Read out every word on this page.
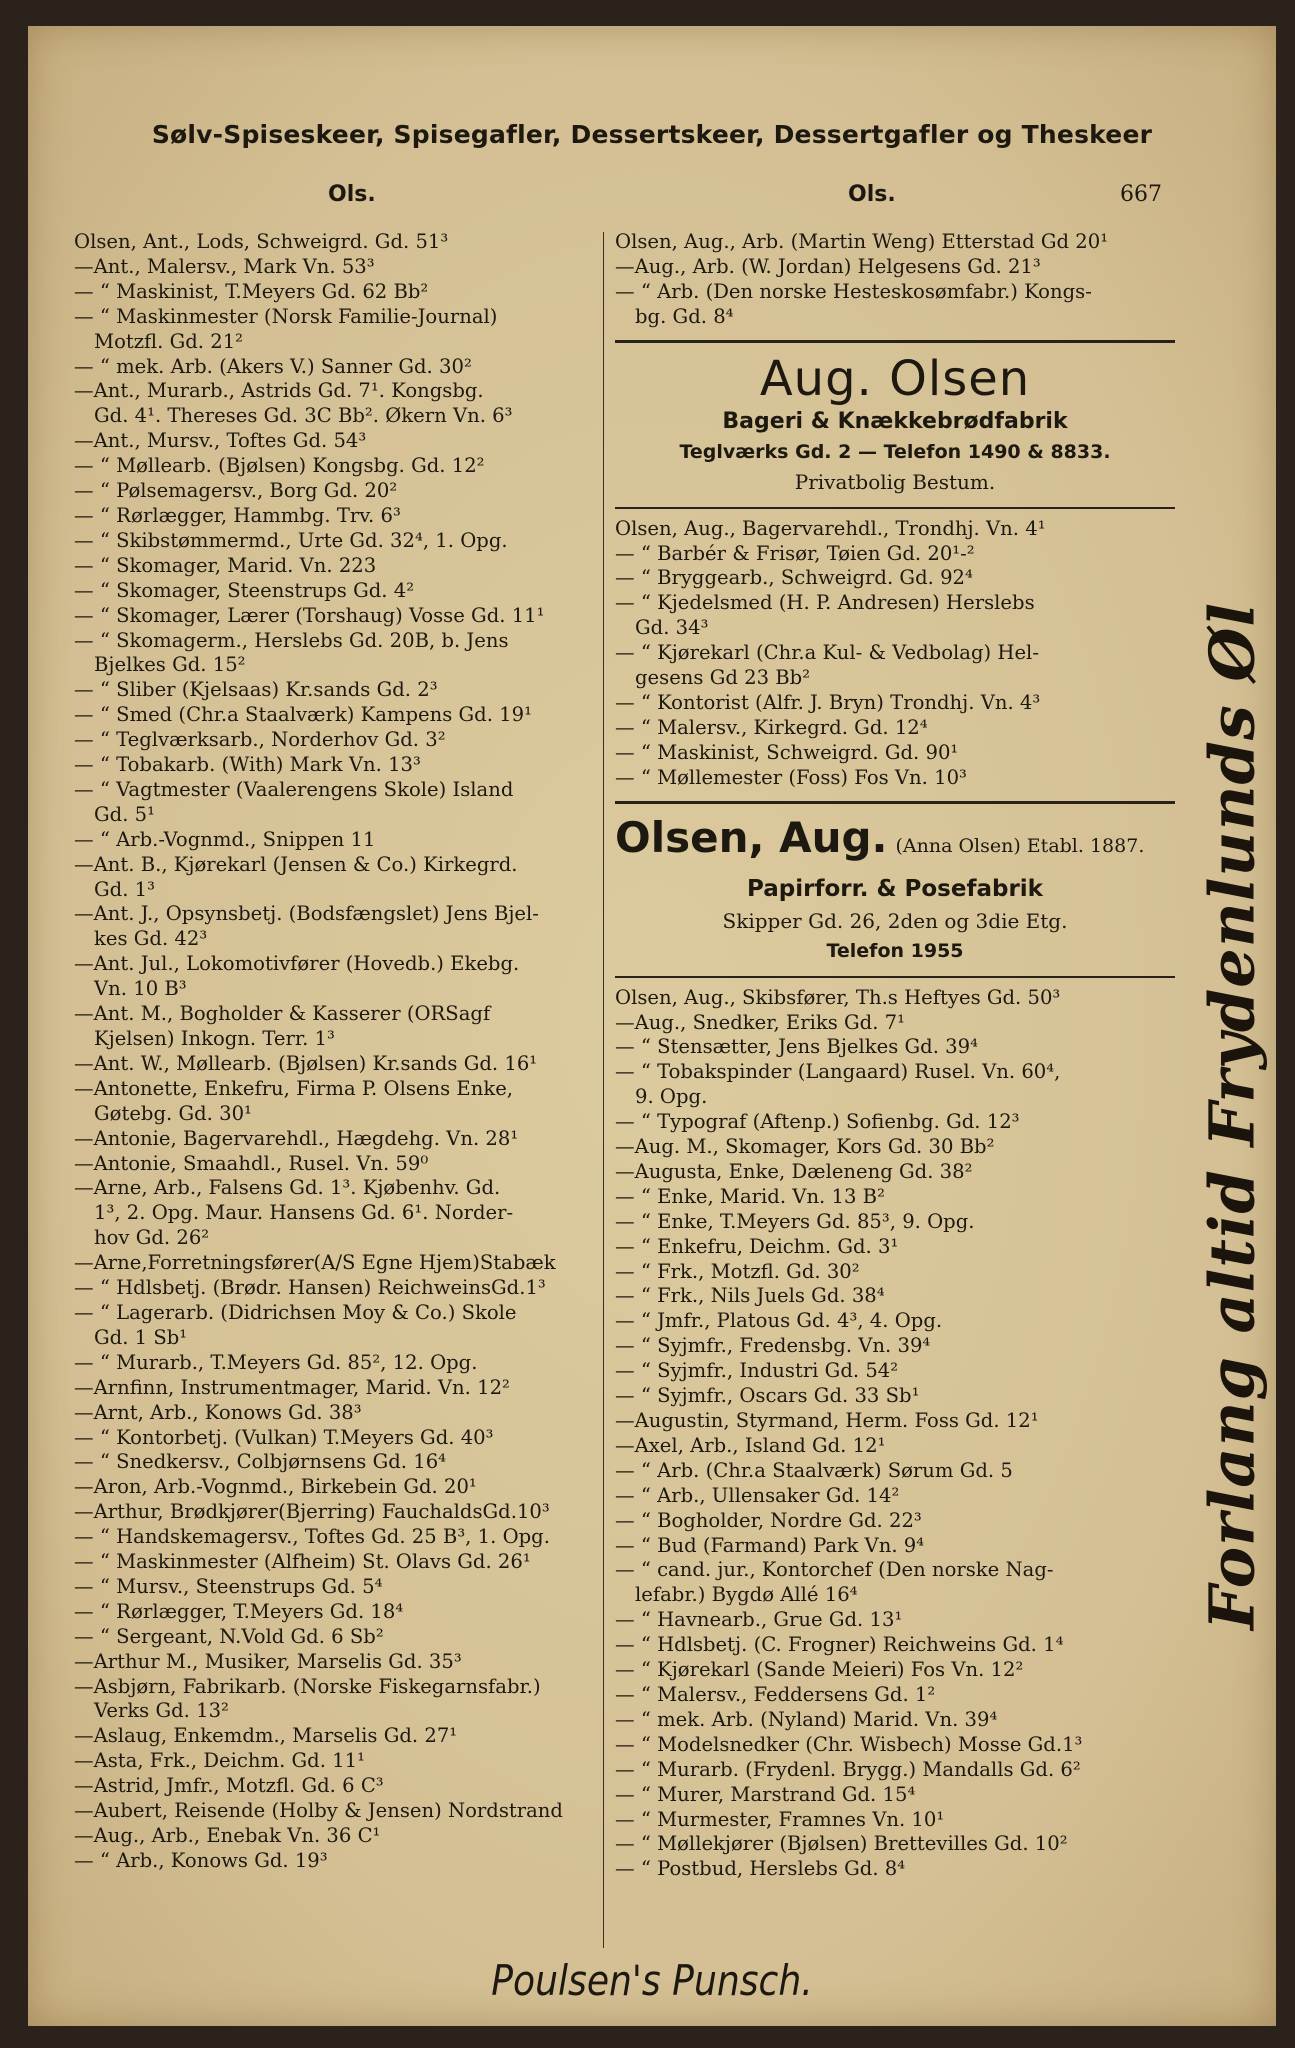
Sølv-Spiseskeer, Spisegafler, Dessertskeer, Dessertgafler og Theskeer
Ols.	Ols.	667
Olsen, Ant., Lods, Schweigrd. Gd. 51³
—Ant., Malersv., Mark Vn. 53³
— “ Maskinist, T.Meyers Gd. 62 Bb²
— “ Maskinmester (Norsk Familie-Journal)
Motzfl. Gd. 21²
— “ mek. Arb. (Akers V.) Sanner Gd. 30²
—Ant., Murarb., Astrids Gd. 7¹. Kongsbg.
Gd. 4¹. Thereses Gd. 3C Bb². Økern Vn. 6³
—Ant., Mursv., Toftes Gd. 54³
— “ Møllearb. (Bjølsen) Kongsbg. Gd. 12²
— “ Pølsemagersv., Borg Gd. 20²
— “ Rørlægger, Hammbg. Trv. 6³
— “ Skibstømmermd., Urte Gd. 32⁴, 1. Opg.
— “ Skomager, Marid. Vn. 223
— “ Skomager, Steenstrups Gd. 4²
— “ Skomager, Lærer (Torshaug) Vosse Gd. 11¹
— “ Skomagerm., Herslebs Gd. 20B, b. Jens
Bjelkes Gd. 15²
— “ Sliber (Kjelsaas) Kr.sands Gd. 2³
— “ Smed (Chr.a Staalværk) Kampens Gd. 19¹
— “ Teglværksarb., Norderhov Gd. 3²
— “ Tobakarb. (With) Mark Vn. 13³
— “ Vagtmester (Vaalerengens Skole) Island
Gd. 5¹
— “ Arb.-Vognmd., Snippen 11
—Ant. B., Kjørekarl (Jensen & Co.) Kirkegrd.
Gd. 1³
—Ant. J., Opsynsbetj. (Bodsfængslet) Jens Bjel-
kes Gd. 42³
—Ant. Jul., Lokomotivfører (Hovedb.) Ekebg.
Vn. 10 B³
—Ant. M., Bogholder & Kasserer (ORSagf
Kjelsen) Inkogn. Terr. 1³
—Ant. W., Møllearb. (Bjølsen) Kr.sands Gd. 16¹
—Antonette, Enkefru, Firma P. Olsens Enke,
Gøtebg. Gd. 30¹
—Antonie, Bagervarehdl., Hægdehg. Vn. 28¹
—Antonie, Smaahdl., Rusel. Vn. 59⁰
—Arne, Arb., Falsens Gd. 1³. Kjøbenhv. Gd.
1³, 2. Opg. Maur. Hansens Gd. 6¹. Norder-
hov Gd. 26²
—Arne,Forretningsfører(A/S Egne Hjem)Stabæk
— “ Hdlsbetj. (Brødr. Hansen) ReichweinsGd.1³
— “ Lagerarb. (Didrichsen Moy & Co.) Skole
Gd. 1 Sb¹
— “ Murarb., T.Meyers Gd. 85², 12. Opg.
—Arnfinn, Instrumentmager, Marid. Vn. 12²
—Arnt, Arb., Konows Gd. 38³
— “ Kontorbetj. (Vulkan) T.Meyers Gd. 40³
— “ Snedkersv., Colbjørnsens Gd. 16⁴
—Aron, Arb.-Vognmd., Birkebein Gd. 20¹
—Arthur, Brødkjører(Bjerring) FauchaldsGd.10³
— “ Handskemagersv., Toftes Gd. 25 B³, 1. Opg.
— “ Maskinmester (Alfheim) St. Olavs Gd. 26¹
— “ Mursv., Steenstrups Gd. 5⁴
— “ Rørlægger, T.Meyers Gd. 18⁴
— “ Sergeant, N.Vold Gd. 6 Sb²
—Arthur M., Musiker, Marselis Gd. 35³
—Asbjørn, Fabrikarb. (Norske Fiskegarnsfabr.)
Verks Gd. 13²
—Aslaug, Enkemdm., Marselis Gd. 27¹
—Asta, Frk., Deichm. Gd. 11¹
—Astrid, Jmfr., Motzfl. Gd. 6 C³
—Aubert, Reisende (Holby & Jensen) Nordstrand
—Aug., Arb., Enebak Vn. 36 C¹
— “ Arb., Konows Gd. 19³
Olsen, Aug., Arb. (Martin Weng) Etterstad Gd 20¹
—Aug., Arb. (W. Jordan) Helgesens Gd. 21³
— “ Arb. (Den norske Hesteskosømfabr.) Kongs-
bg. Gd. 8⁴
Aug. Olsen
Bageri & Knækkebrødfabrik
Teglværks Gd. 2 — Telefon 1490 & 8833.
Privatbolig Bestum.
Olsen, Aug., Bagervarehdl., Trondhj. Vn. 4¹
— “ Barbér & Frisør, Tøien Gd. 20¹-²
— “ Bryggearb., Schweigrd. Gd. 92⁴
— “ Kjedelsmed (H. P. Andresen) Herslebs
Gd. 34³
— “ Kjørekarl (Chr.a Kul- & Vedbolag) Hel-
gesens Gd 23 Bb²
— “ Kontorist (Alfr. J. Bryn) Trondhj. Vn. 4³
— “ Malersv., Kirkegrd. Gd. 12⁴
— “ Maskinist, Schweigrd. Gd. 90¹
— “ Møllemester (Foss) Fos Vn. 10³
Olsen, Aug. (Anna Olsen) Etabl. 1887.
Papirforr. & Posefabrik
Skipper Gd. 26, 2den og 3die Etg.
Telefon 1955
Olsen, Aug., Skibsfører, Th.s Heftyes Gd. 50³
—Aug., Snedker, Eriks Gd. 7¹
— “ Stensætter, Jens Bjelkes Gd. 39⁴
— “ Tobakspinder (Langaard) Rusel. Vn. 60⁴,
9. Opg.
— “ Typograf (Aftenp.) Sofienbg. Gd. 12³
—Aug. M., Skomager, Kors Gd. 30 Bb²
—Augusta, Enke, Dæleneng Gd. 38²
— “ Enke, Marid. Vn. 13 B²
— “ Enke, T.Meyers Gd. 85³, 9. Opg.
— “ Enkefru, Deichm. Gd. 3¹
— “ Frk., Motzfl. Gd. 30²
— “ Frk., Nils Juels Gd. 38⁴
— “ Jmfr., Platous Gd. 4³, 4. Opg.
— “ Syjmfr., Fredensbg. Vn. 39⁴
— “ Syjmfr., Industri Gd. 54²
— “ Syjmfr., Oscars Gd. 33 Sb¹
—Augustin, Styrmand, Herm. Foss Gd. 12¹
—Axel, Arb., Island Gd. 12¹
— “ Arb. (Chr.a Staalværk) Sørum Gd. 5
— “ Arb., Ullensaker Gd. 14²
— “ Bogholder, Nordre Gd. 22³
— “ Bud (Farmand) Park Vn. 9⁴
— “ cand. jur., Kontorchef (Den norske Nag-
lefabr.) Bygdø Allé 16⁴
— “ Havnearb., Grue Gd. 13¹
— “ Hdlsbetj. (C. Frogner) Reichweins Gd. 1⁴
— “ Kjørekarl (Sande Meieri) Fos Vn. 12²
— “ Malersv., Feddersens Gd. 1²
— “ mek. Arb. (Nyland) Marid. Vn. 39⁴
— “ Modelsnedker (Chr. Wisbech) Mosse Gd.1³
— “ Murarb. (Frydenl. Brygg.) Mandalls Gd. 6²
— “ Murer, Marstrand Gd. 15⁴
— “ Murmester, Framnes Vn. 10¹
— “ Møllekjører (Bjølsen) Brettevilles Gd. 10²
— “ Postbud, Herslebs Gd. 8⁴
Forlang altid Frydenlunds Øl
Poulsen's Punsch.
